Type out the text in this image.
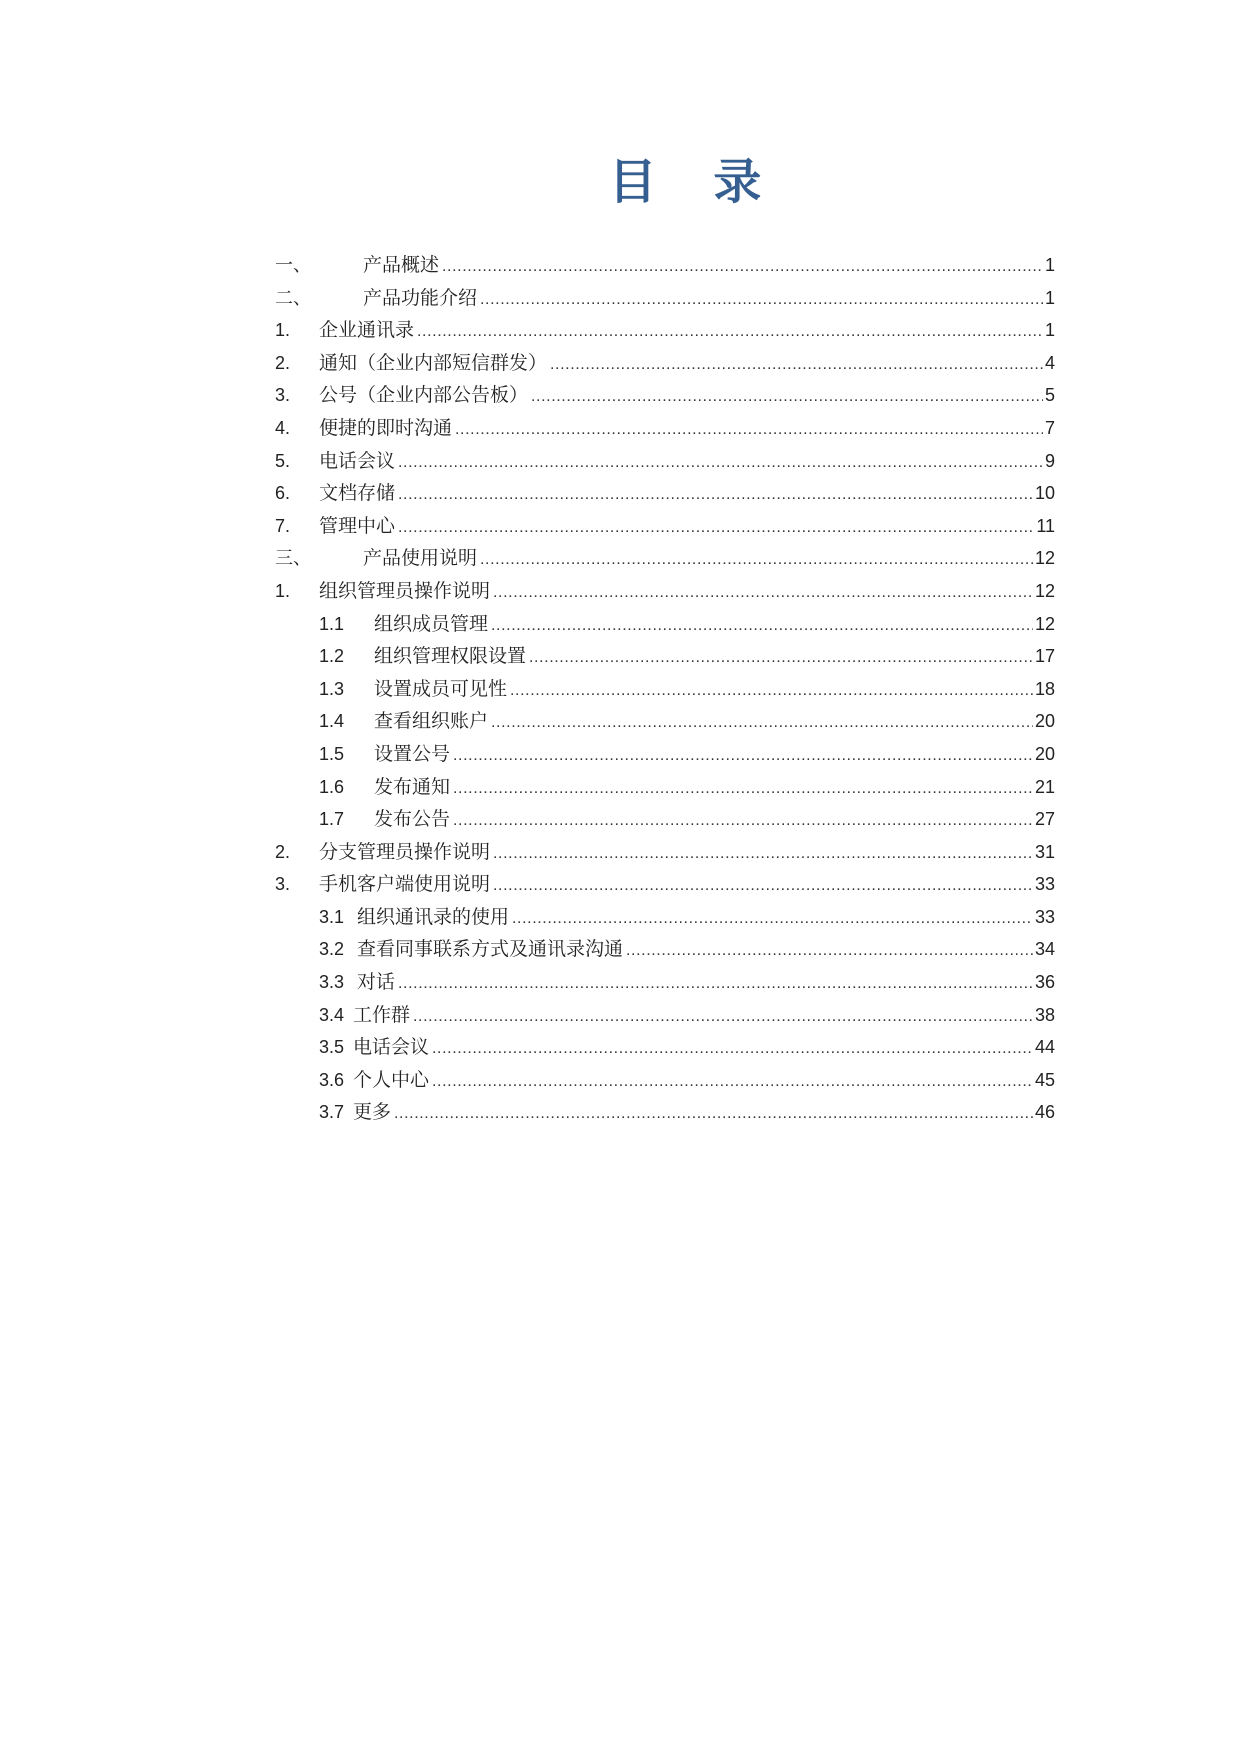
目 录
一、	产品概述 .....	1
二、	产品功能介绍 .....	1
1.	企业通讯录 .....	1
2.	通知（企业内部短信群发） .....	4
3.	公号（企业内部公告板） .....	5
4.	便捷的即时沟通 .....	7
5.	电话会议 .....	9
6.	文档存储 .....	10
7.	管理中心 .....	11
三、	产品使用说明 .....	12
1.	组织管理员操作说明 .....	12
1.1	组织成员管理 .....	12
1.2	组织管理权限设置 .....	17
1.3	设置成员可见性 .....	18
1.4	查看组织账户 .....	20
1.5	设置公号 .....	20
1.6	发布通知 .....	21
1.7	发布公告 .....	27
2.	分支管理员操作说明 .....	31
3.	手机客户端使用说明 .....	33
3.1 组织通讯录的使用 .....	33
3.2 查看同事联系方式及通讯录沟通 .....	34
3.3 对话 .....	36
3.4 工作群 .....	38
3.5 电话会议 .....	44
3.6 个人中心 .....	45
3.7 更多 .....	46
